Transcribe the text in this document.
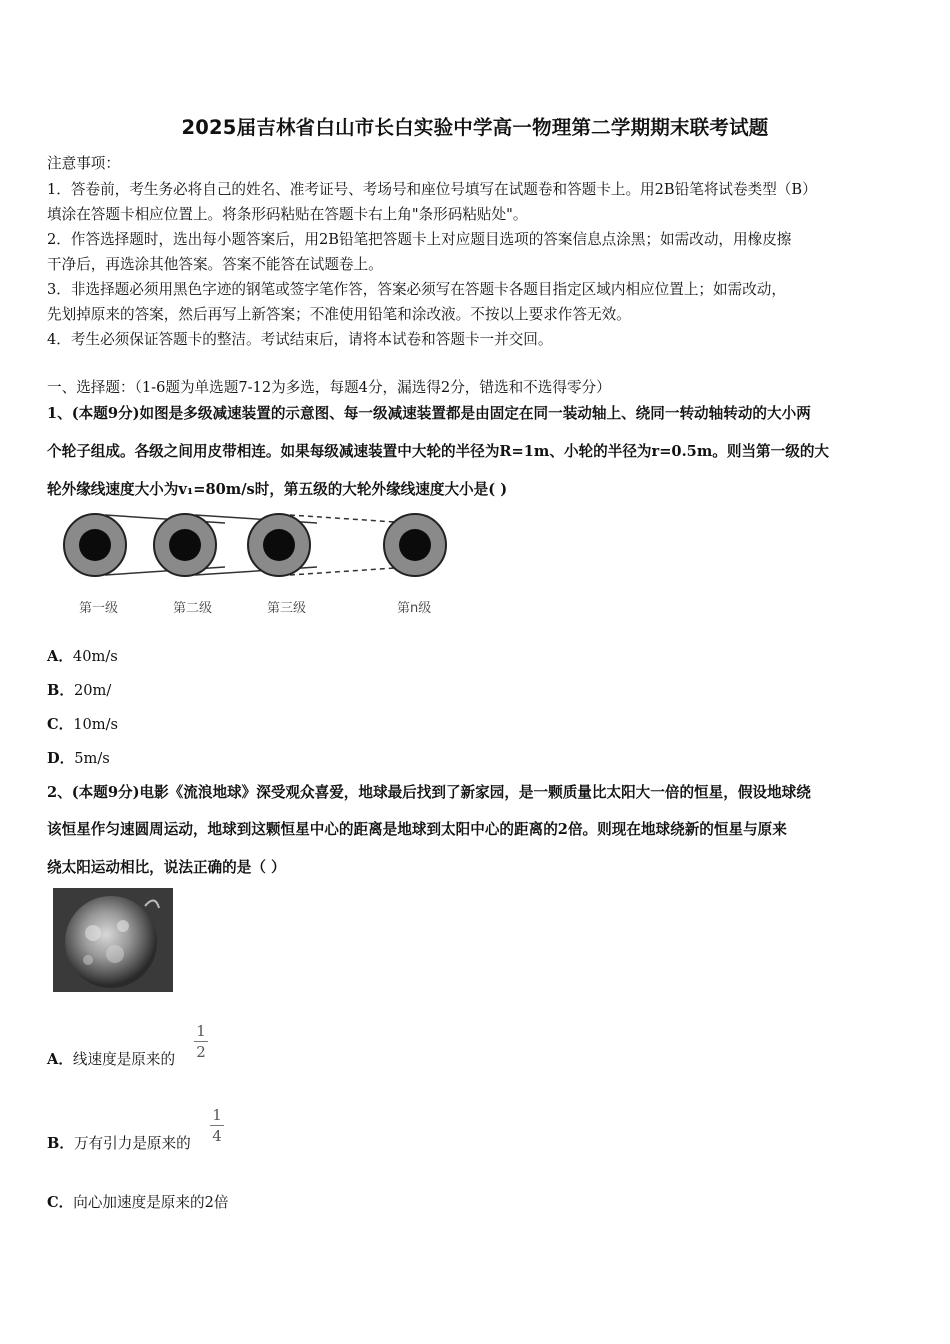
2025届吉林省白山市长白实验中学高一物理第二学期期末联考试题
注意事项：
1．答卷前，考生务必将自己的姓名、准考证号、考场号和座位号填写在试题卷和答题卡上。用2B铅笔将试卷类型（B）
填涂在答题卡相应位置上。将条形码粘贴在答题卡右上角"条形码粘贴处"。
2．作答选择题时，选出每小题答案后，用2B铅笔把答题卡上对应题目选项的答案信息点涂黑；如需改动，用橡皮擦
干净后，再选涂其他答案。答案不能答在试题卷上。
3．非选择题必须用黑色字迹的钢笔或签字笔作答，答案必须写在答题卡各题目指定区域内相应位置上；如需改动，
先划掉原来的答案，然后再写上新答案；不准使用铅笔和涂改液。不按以上要求作答无效。
4．考生必须保证答题卡的整洁。考试结束后，请将本试卷和答题卡一并交回。
一、选择题：（1-6题为单选题7-12为多选，每题4分，漏选得2分，错选和不选得零分）
1、(本题9分)如图是多级减速装置的示意图、每一级减速装置都是由固定在同一装动轴上、绕同一转动轴转动的大小两
个轮子组成。各级之间用皮带相连。如果每级减速装置中大轮的半径为R=1m、小轮的半径为r=0.5m。则当第一级的大
轮外缘线速度大小为v₁=80m/s时，第五级的大轮外缘线速度大小是( )
第一级	第二级	第三级	第n级
A．40m/s
B．20m/
C．10m/s
D．5m/s
2、(本题9分)电影《流浪地球》深受观众喜爱，地球最后找到了新家园，是一颗质量比太阳大一倍的恒星，假设地球绕
该恒星作匀速圆周运动，地球到这颗恒星中心的距离是地球到太阳中心的距离的2倍。则现在地球绕新的恒星与原来
绕太阳运动相比，说法正确的是（ ）
A．线速度是原来的
1
2
B．万有引力是原来的
1
4
C．向心加速度是原来的2倍
